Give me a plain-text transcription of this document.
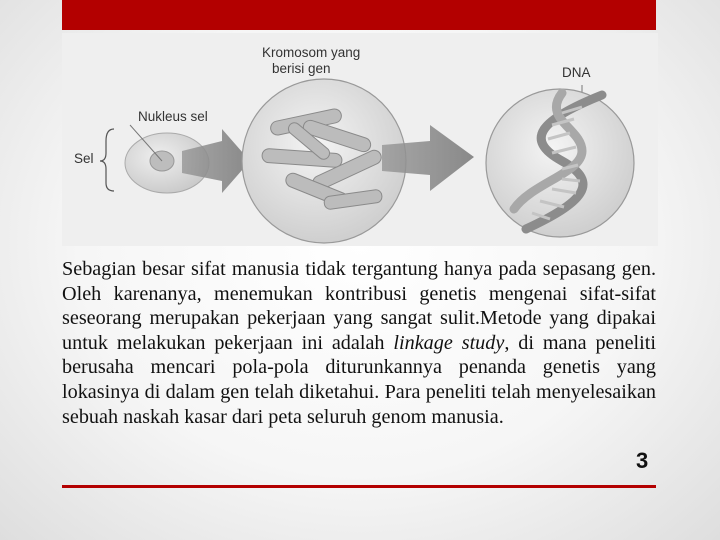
Kromosom yang
berisi gen	DNA
Nukleus sel
Sel
Sebagian besar sifat manusia tidak tergantung hanya pada sepasang gen. Oleh karenanya, menemukan kontribusi genetis mengenai sifat-sifat seseorang merupakan pekerjaan yang sangat sulit.Metode yang dipakai untuk melakukan pekerjaan ini adalah linkage study, di mana peneliti berusaha mencari pola-pola diturunkannya penanda genetis yang lokasinya di dalam gen telah diketahui. Para peneliti telah menyelesaikan sebuah naskah kasar dari peta seluruh genom manusia.
3
